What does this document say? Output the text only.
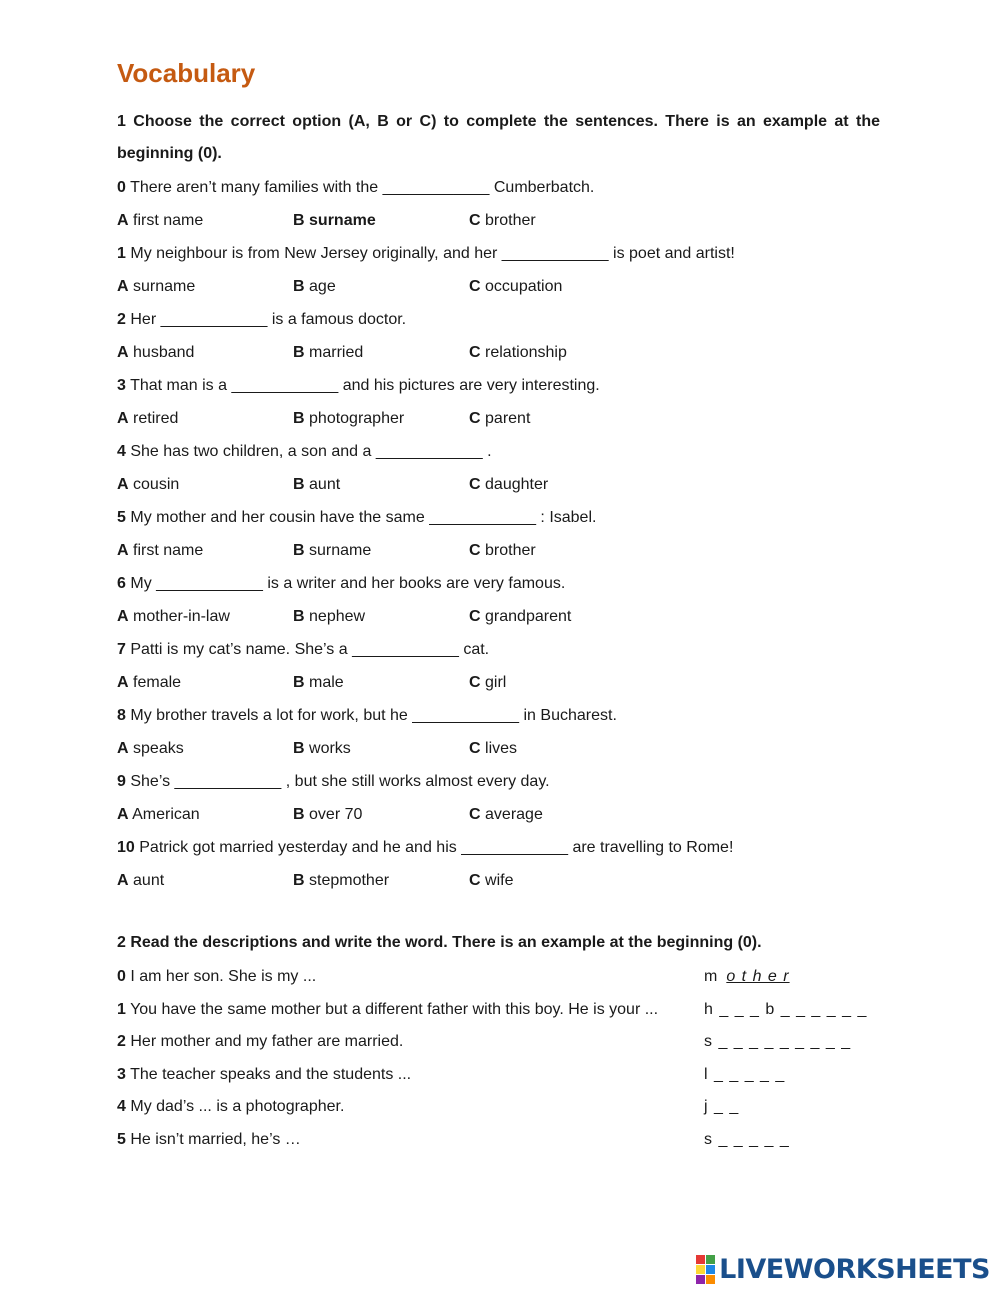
Vocabulary
1 Choose the correct option (A, B or C) to complete the sentences. There is an example at the beginning (0).
0 There aren’t many families with the ____________ Cumberbatch.
A first name	B surname	C brother
1 My neighbour is from New Jersey originally, and her ____________ is poet and artist!
A surname	B age	C occupation
2 Her ____________ is a famous doctor.
A husband	B married	C relationship
3 That man is a ____________ and his pictures are very interesting.
A retired	B photographer	C parent
4 She has two children, a son and a ____________ .
A cousin	B aunt	C daughter
5 My mother and her cousin have the same ____________ : Isabel.
A first name	B surname	C brother
6 My ____________ is a writer and her books are very famous.
A mother-in-law	B nephew	C grandparent
7 Patti is my cat’s name. She’s a ____________ cat.
A female	B male	C girl
8 My brother travels a lot for work, but he ____________ in Bucharest.
A speaks	B works	C lives
9 She’s ____________ , but she still works almost every day.
A American	B over 70	C average
10 Patrick got married yesterday and he and his ____________ are travelling to Rome!
A aunt	B stepmother	C wife
2 Read the descriptions and write the word. There is an example at the beginning (0).
0 I am her son. She is my ...	m o t h e r
1 You have the same mother but a different father with this boy. He is your ...	h _ _ _ b _ _ _ _ _ _
2 Her mother and my father are married.	s _ _ _ _ _ _ _ _ _
3 The teacher speaks and the students ...	l _ _ _ _ _
4 My dad’s ... is a photographer.	j _ _
5 He isn’t married, he’s …	s _ _ _ _ _
LIVEWORKSHEETS
